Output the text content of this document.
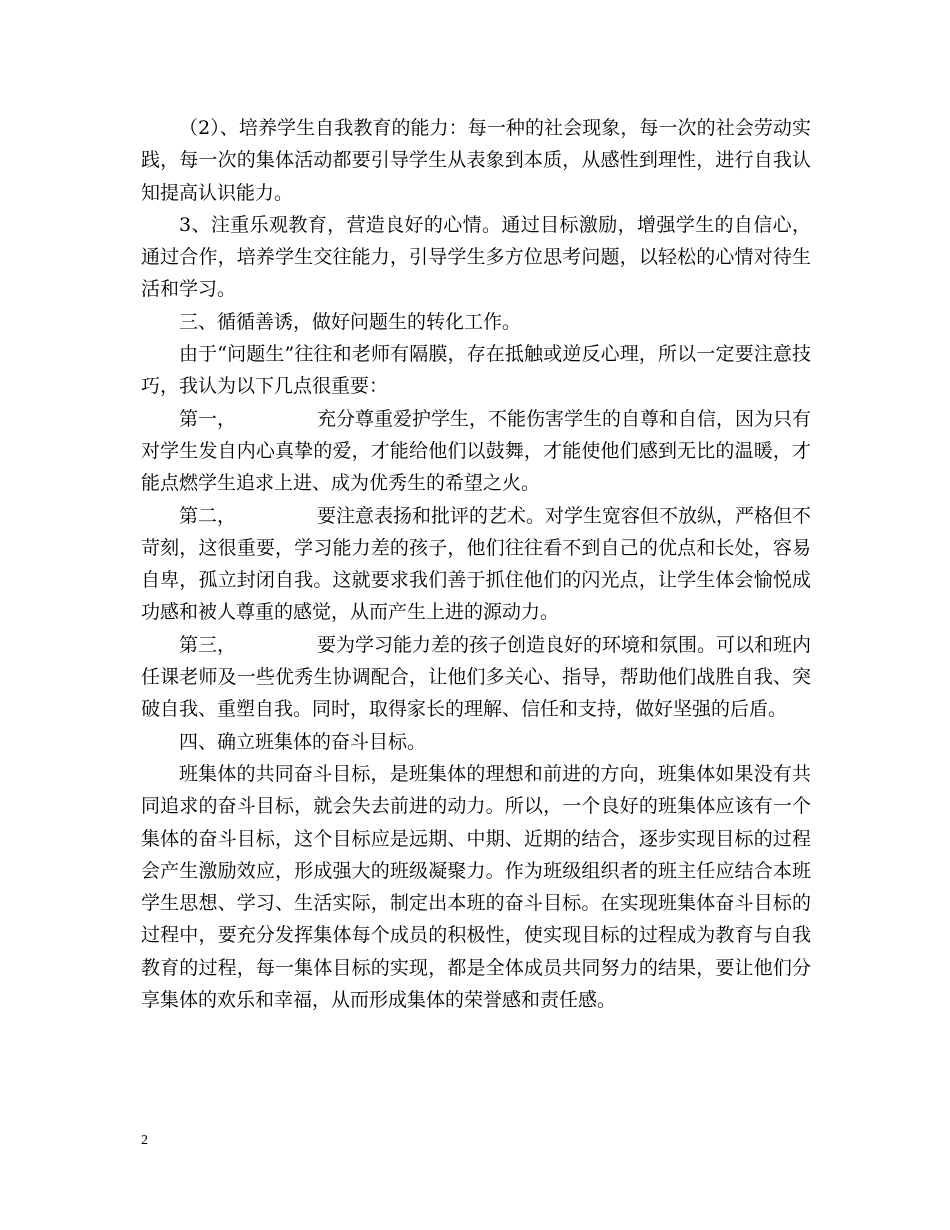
（2）、培养学生自我教育的能力：每一种的社会现象，每一次的社会劳动实践，每一次的集体活动都要引导学生从表象到本质，从感性到理性，进行自我认知提高认识能力。

3、注重乐观教育，营造良好的心情。通过目标激励，增强学生的自信心，通过合作，培养学生交往能力，引导学生多方位思考问题，以轻松的心情对待生活和学习。

三、循循善诱，做好问题生的转化工作。

由于“问题生”往往和老师有隔膜，存在抵触或逆反心理，所以一定要注意技巧，我认为以下几点很重要：

第一，	充分尊重爱护学生，不能伤害学生的自尊和自信，因为只有对学生发自内心真挚的爱，才能给他们以鼓舞，才能使他们感到无比的温暖，才能点燃学生追求上进、成为优秀生的希望之火。

第二，	要注意表扬和批评的艺术。对学生宽容但不放纵，严格但不苛刻，这很重要，学习能力差的孩子，他们往往看不到自己的优点和长处，容易自卑，孤立封闭自我。这就要求我们善于抓住他们的闪光点，让学生体会愉悦成功感和被人尊重的感觉，从而产生上进的源动力。

第三，	要为学习能力差的孩子创造良好的环境和氛围。可以和班内任课老师及一些优秀生协调配合，让他们多关心、指导，帮助他们战胜自我、突破自我、重塑自我。同时，取得家长的理解、信任和支持，做好坚强的后盾。

四、确立班集体的奋斗目标。

班集体的共同奋斗目标，是班集体的理想和前进的方向，班集体如果没有共同追求的奋斗目标，就会失去前进的动力。所以，一个良好的班集体应该有一个集体的奋斗目标，这个目标应是远期、中期、近期的结合，逐步实现目标的过程会产生激励效应，形成强大的班级凝聚力。作为班级组织者的班主任应结合本班学生思想、学习、生活实际，制定出本班的奋斗目标。在实现班集体奋斗目标的过程中，要充分发挥集体每个成员的积极性，使实现目标的过程成为教育与自我教育的过程，每一集体目标的实现，都是全体成员共同努力的结果，要让他们分享集体的欢乐和幸福，从而形成集体的荣誉感和责任感。

2
